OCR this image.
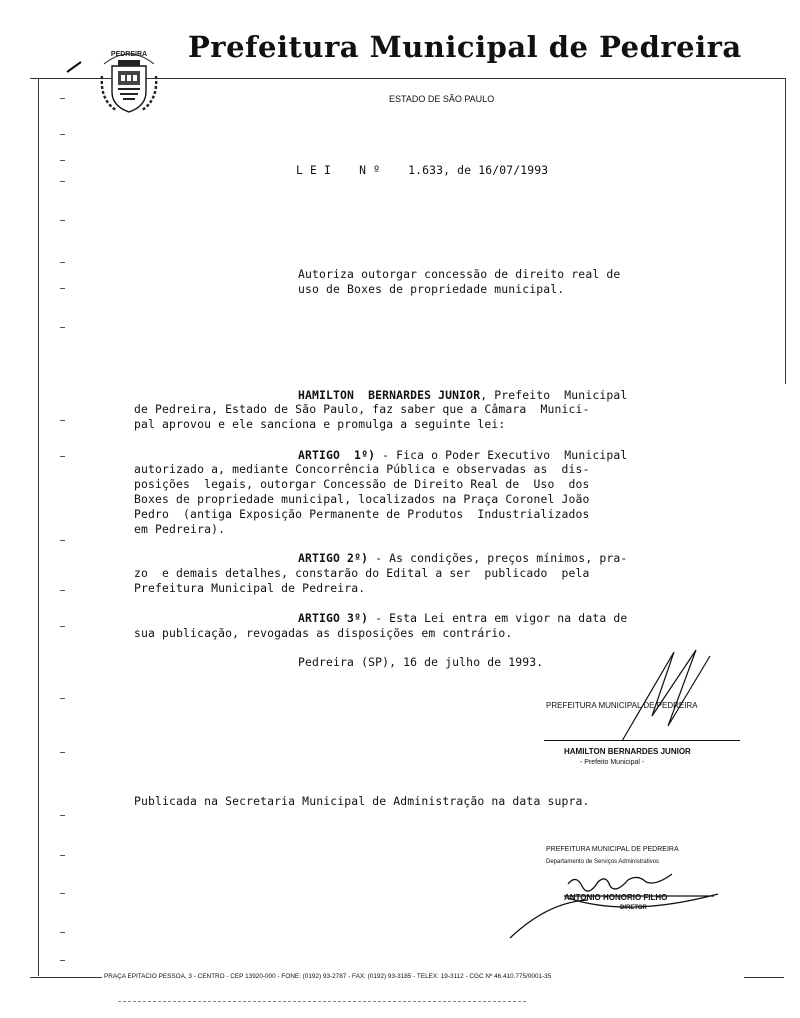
PEDREIRA Prefeitura Municipal de Pedreira
ESTADO DE SÃO PAULO
L E I    N º    1.633, de 16/07/1993
Autoriza outorgar concessão de direito real de
uso de Boxes de propriedade municipal.
HAMILTON  BERNARDES JUNIOR, Prefeito  Municipal
de Pedreira, Estado de São Paulo, faz saber que a Câmara  Munici-
pal aprovou e ele sanciona e promulga a seguinte lei:
ARTIGO  1º) - Fica o Poder Executivo  Municipal
autorizado a, mediante Concorrência Pública e observadas as  dis-
posições  legais, outorgar Concessão de Direito Real de  Uso  dos
Boxes de propriedade municipal, localizados na Praça Coronel João
Pedro  (antiga Exposição Permanente de Produtos  Industrializados
em Pedreira).
ARTIGO 2º) - As condições, preços mínimos, pra-
zo  e demais detalhes, constarão do Edital a ser  publicado  pela
Prefeitura Municipal de Pedreira.
ARTIGO 3º) - Esta Lei entra em vigor na data de
sua publicação, revogadas as disposições em contrário.
Pedreira (SP), 16 de julho de 1993.
PREFEITURA MUNICIPAL DE PEDREIRA
HAMILTON BERNARDES JUNIOR
- Prefeito Municipal -
Publicada na Secretaria Municipal de Administração na data supra.
PREFEITURA MUNICIPAL DE PEDREIRA
Departamento de Serviços Administrativos
ANTONIO HONORIO FILHO
DIRETOR
PRAÇA EPITACIO PESSOA, 3 - CENTRO - CEP 13920-000 - FONE: (0192) 93-2787 - FAX: (0192) 93-3185 - TELEX: 19-3112 - CGC Nº 46.410.775/0001-35
